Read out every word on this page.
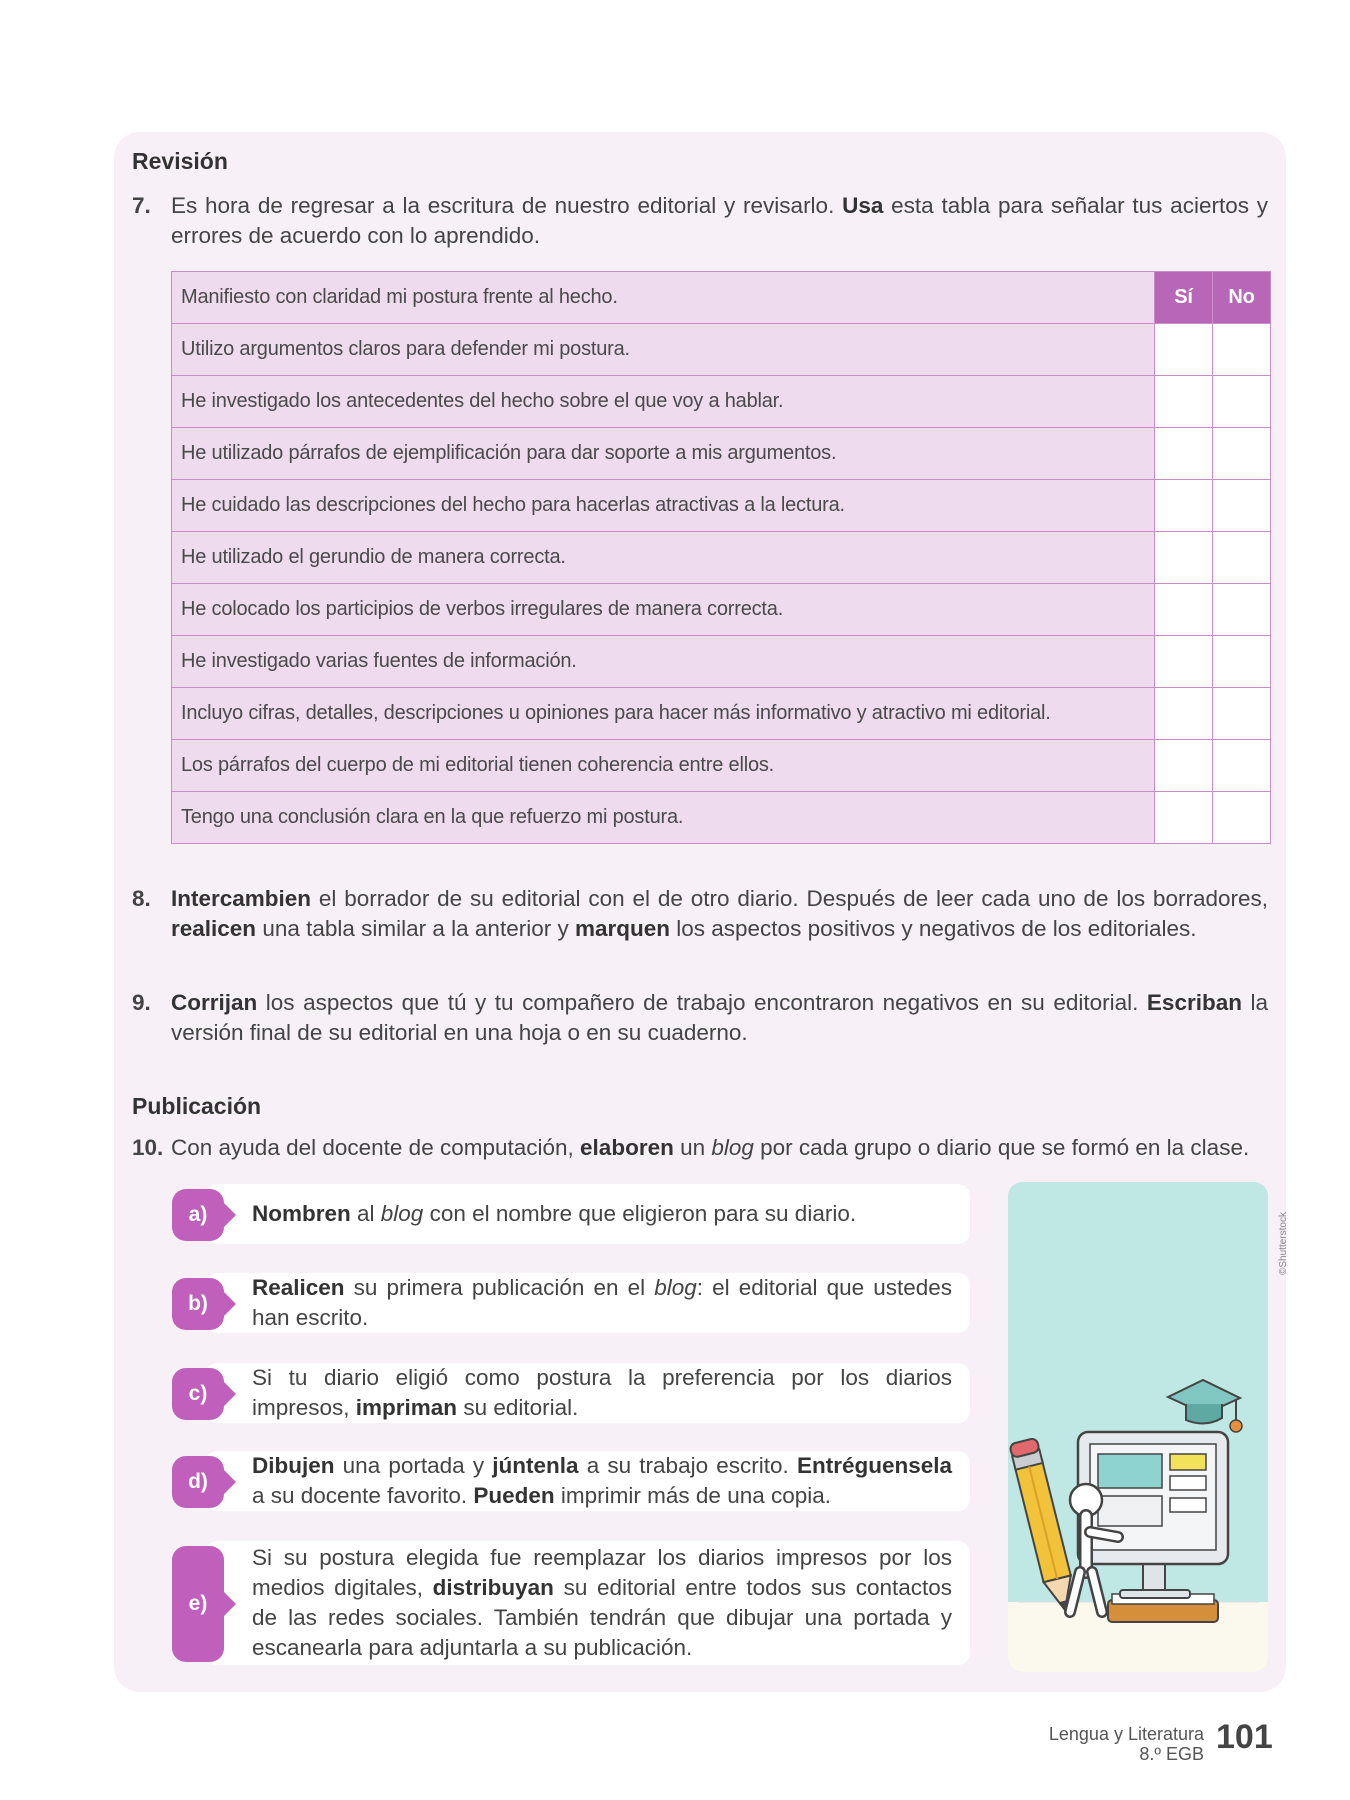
Revisión
7. Es hora de regresar a la escritura de nuestro editorial y revisarlo. Usa esta tabla para señalar tus aciertos y errores de acuerdo con lo aprendido.
Manifiesto con claridad mi postura frente al hecho.	Sí	No
Utilizo argumentos claros para defender mi postura.		
He investigado los antecedentes del hecho sobre el que voy a hablar.		
He utilizado párrafos de ejemplificación para dar soporte a mis argumentos.		
He cuidado las descripciones del hecho para hacerlas atractivas a la lectura.		
He utilizado el gerundio de manera correcta.		
He colocado los participios de verbos irregulares de manera correcta.		
He investigado varias fuentes de información.		
Incluyo cifras, detalles, descripciones u opiniones para hacer más informativo y atractivo mi editorial.		
Los párrafos del cuerpo de mi editorial tienen coherencia entre ellos.		
Tengo una conclusión clara en la que refuerzo mi postura.		
8. Intercambien el borrador de su editorial con el de otro diario. Después de leer cada uno de los borradores, realicen una tabla similar a la anterior y marquen los aspectos positivos y negativos de los editoriales.
9. Corrijan los aspectos que tú y tu compañero de trabajo encontraron negativos en su editorial. Escriban la versión final de su editorial en una hoja o en su cuaderno.
Publicación
10. Con ayuda del docente de computación, elaboren un blog por cada grupo o diario que se formó en la clase.
a)	Nombren al blog con el nombre que eligieron para su diario.
b)
Realicen su primera publicación en el blog: el editorial que ustedes han escrito.
c)
Si tu diario eligió como postura la preferencia por los diarios impresos, impriman su editorial.
d)
Dibujen una portada y júntenla a su trabajo escrito. Entréguensela a su docente favorito. Pueden imprimir más de una copia.
e)
Si su postura elegida fue reemplazar los diarios impresos por los medios digitales, distribuyan su editorial entre todos sus contactos de las redes sociales. También tendrán que dibujar una portada y escanearla para adjuntarla a su publicación.
©Shutterstock
Lengua y Literatura
8.º EGB 101
